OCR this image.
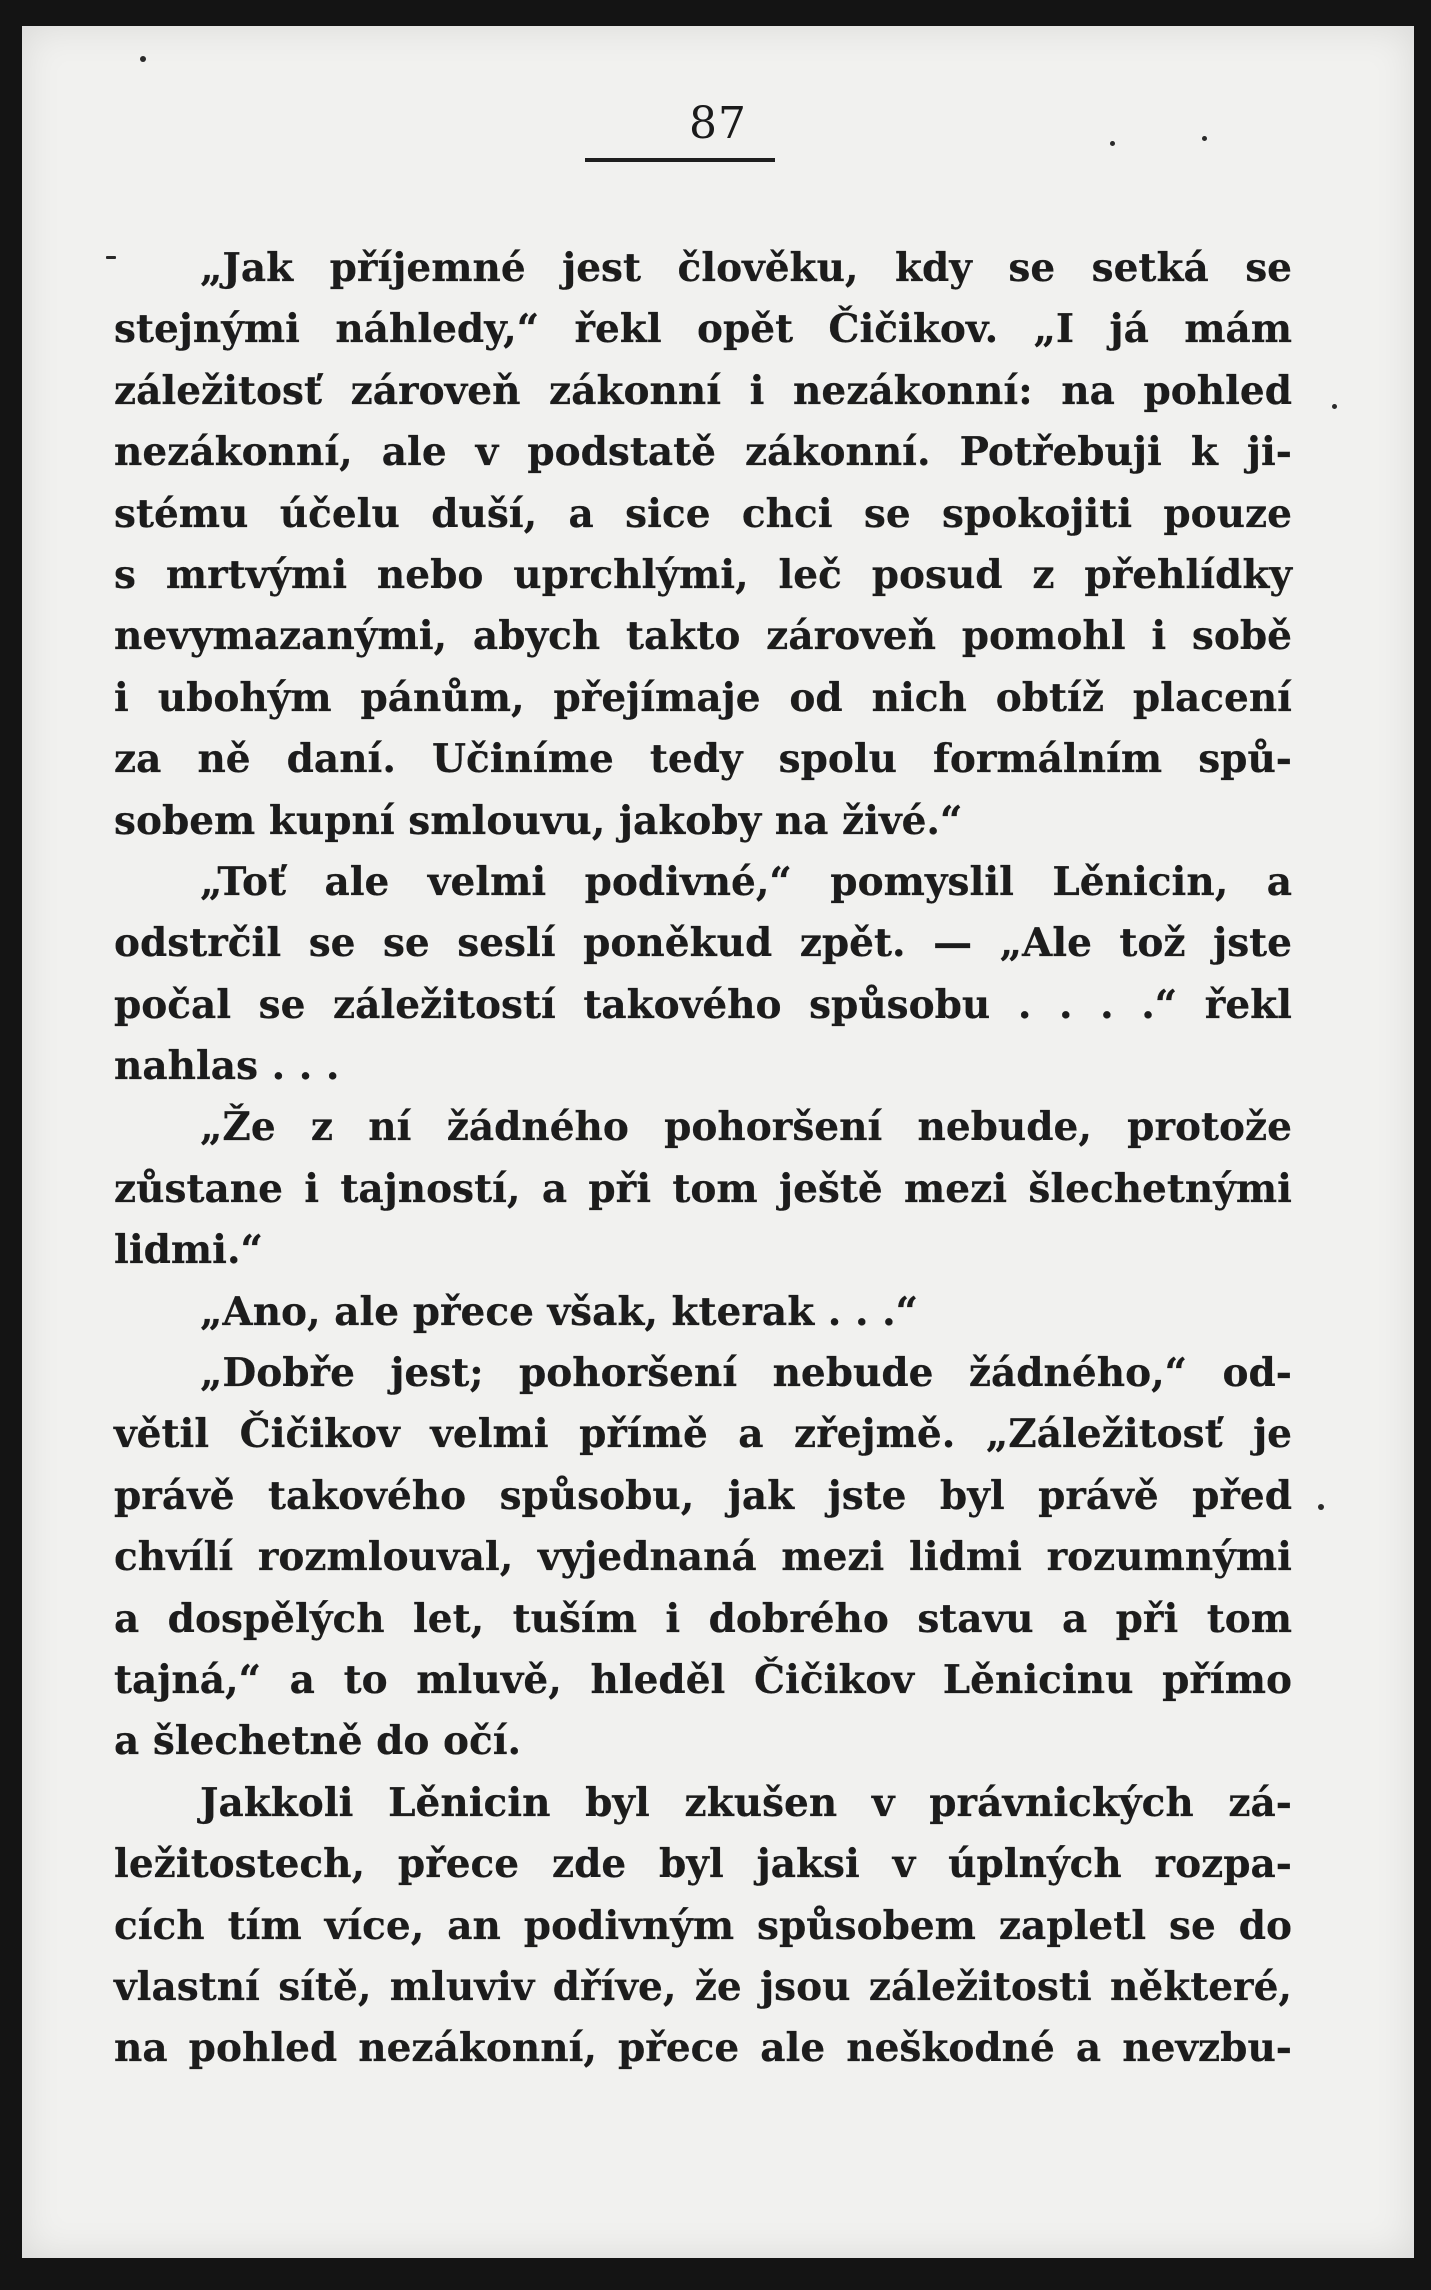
87
„Jak příjemné jest člověku, kdy se setká se
stejnými náhledy,“ řekl opět Čičikov. „I já mám
záležitosť zároveň zákonní i nezákonní: na pohled
nezákonní, ale v podstatě zákonní. Potřebuji k ji-
stému účelu duší, a sice chci se spokojiti pouze
s mrtvými nebo uprchlými, leč posud z přehlídky
nevymazanými, abych takto zároveň pomohl i sobě
i ubohým pánům, přejímaje od nich obtíž placení
za ně daní. Učiníme tedy spolu formálním spů-
sobem kupní smlouvu, jakoby na živé.“
„Toť ale velmi podivné,“ pomyslil Lěnicin, a
odstrčil se se seslí poněkud zpět. — „Ale tož jste
počal se záležitostí takového spůsobu . . . .“ řekl
nahlas . . .
„Že z ní žádného pohoršení nebude, protože
zůstane i tajností, a při tom ještě mezi šlechetnými
lidmi.“
„Ano, ale přece však, kterak . . .“
„Dobře jest; pohoršení nebude žádného,“ od-
větil Čičikov velmi přímě a zřejmě. „Záležitosť je
právě takového spůsobu, jak jste byl právě před
chvílí rozmlouval, vyjednaná mezi lidmi rozumnými
a dospělých let, tuším i dobrého stavu a při tom
tajná,“ a to mluvě, hleděl Čičikov Lěnicinu přímo
a šlechetně do očí.
Jakkoli Lěnicin byl zkušen v právnických zá-
ležitostech, přece zde byl jaksi v úplných rozpa-
cích tím více, an podivným spůsobem zapletl se do
vlastní sítě, mluviv dříve, že jsou záležitosti některé,
na pohled nezákonní, přece ale neškodné a nevzbu-
